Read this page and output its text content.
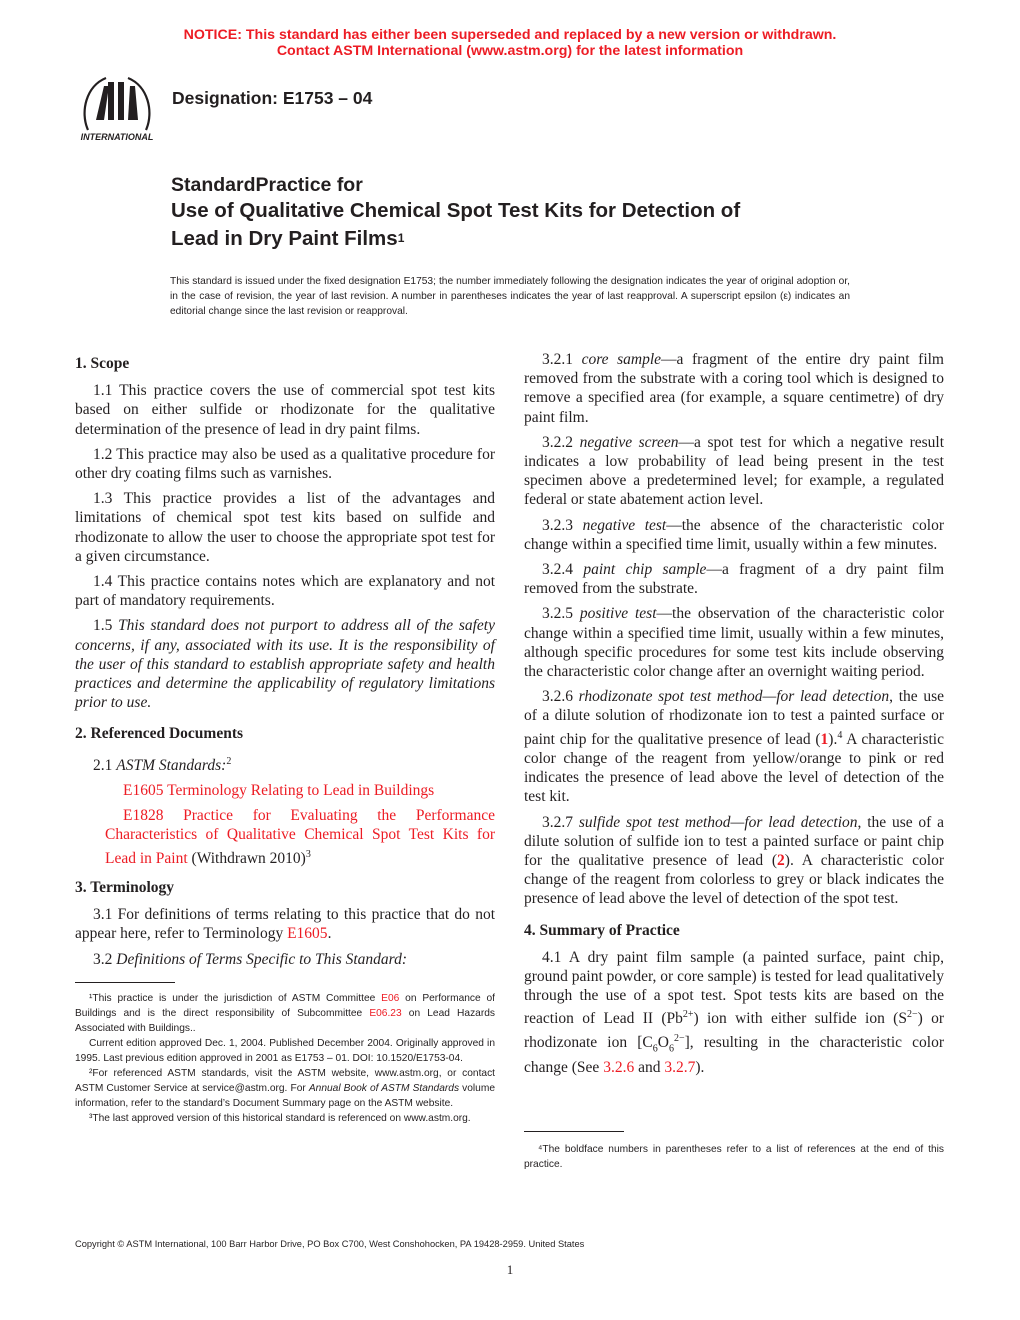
NOTICE: This standard has either been superseded and replaced by a new version or withdrawn.
Contact ASTM International (www.astm.org) for the latest information
INTERNATIONAL
Designation: E1753 – 04
StandardPractice for
Use of Qualitative Chemical Spot Test Kits for Detection of
Lead in Dry Paint Films$^1$
This standard is issued under the fixed designation E1753; the number immediately following the designation indicates the year of original adoption or, in the case of revision, the year of last revision. A number in parentheses indicates the year of last reapproval. A superscript epsilon (ε) indicates an editorial change since the last revision or reapproval.
1. Scope

1.1 This practice covers the use of commercial spot test kits based on either sulfide or rhodizonate for the qualitative determination of the presence of lead in dry paint films.

1.2 This practice may also be used as a qualitative procedure for other dry coating films such as varnishes.

1.3 This practice provides a list of the advantages and limitations of chemical spot test kits based on sulfide and rhodizonate to allow the user to choose the appropriate spot test for a given circumstance.

1.4 This practice contains notes which are explanatory and not part of mandatory requirements.

1.5 This standard does not purport to address all of the safety concerns, if any, associated with its use. It is the responsibility of the user of this standard to establish appropriate safety and health practices and determine the applicability of regulatory limitations prior to use.

2. Referenced Documents

2.1 ASTM Standards:$^2$

E1605 Terminology Relating to Lead in Buildings

E1828 Practice for Evaluating the Performance Characteristics of Qualitative Chemical Spot Test Kits for Lead in Paint (Withdrawn 2010)$^3$

3. Terminology

3.1 For definitions of terms relating to this practice that do not appear here, refer to Terminology E1605.

3.2 Definitions of Terms Specific to This Standard:

3.2.1 core sample—a fragment of the entire dry paint film removed from the substrate with a coring tool which is designed to remove a specified area (for example, a square centimetre) of dry paint film.

3.2.2 negative screen—a spot test for which a negative result indicates a low probability of lead being present in the test specimen above a predetermined level; for example, a regulated federal or state abatement action level.

3.2.3 negative test—the absence of the characteristic color change within a specified time limit, usually within a few minutes.

3.2.4 paint chip sample—a fragment of a dry paint film removed from the substrate.

3.2.5 positive test—the observation of the characteristic color change within a specified time limit, usually within a few minutes, although specific procedures for some test kits include observing the characteristic color change after an overnight waiting period.

3.2.6 rhodizonate spot test method—for lead detection, the use of a dilute solution of rhodizonate ion to test a painted surface or paint chip for the qualitative presence of lead (1).$^4$ A characteristic color change of the reagent from yellow/orange to pink or red indicates the presence of lead above the level of detection of the test kit.

3.2.7 sulfide spot test method—for lead detection, the use of a dilute solution of sulfide ion to test a painted surface or paint chip for the qualitative presence of lead (2). A characteristic color change of the reagent from colorless to grey or black indicates the presence of lead above the level of detection of the spot test.

4. Summary of Practice

4.1 A dry paint film sample (a painted surface, paint chip, ground paint powder, or core sample) is tested for lead qualitatively through the use of a spot test. Spot tests kits are based on the reaction of Lead II $(Pb^{2+})$ ion with either sulfide ion $(S^{2-})$ or rhodizonate ion $[C_6O_6^{2-}]$, resulting in the characteristic color change (See 3.2.6 and 3.2.7).

¹This practice is under the jurisdiction of ASTM Committee E06 on Performance of Buildings and is the direct responsibility of Subcommittee E06.23 on Lead Hazards Associated with Buildings..

Current edition approved Dec. 1, 2004. Published December 2004. Originally approved in 1995. Last previous edition approved in 2001 as E1753 – 01. DOI: 10.1520/E1753-04.

²For referenced ASTM standards, visit the ASTM website, www.astm.org, or contact ASTM Customer Service at service@astm.org. For Annual Book of ASTM Standards volume information, refer to the standard’s Document Summary page on the ASTM website.

³The last approved version of this historical standard is referenced on www.astm.org.

⁴The boldface numbers in parentheses refer to a list of references at the end of this practice.

Copyright © ASTM International, 100 Barr Harbor Drive, PO Box C700, West Conshohocken, PA 19428-2959. United States
1
